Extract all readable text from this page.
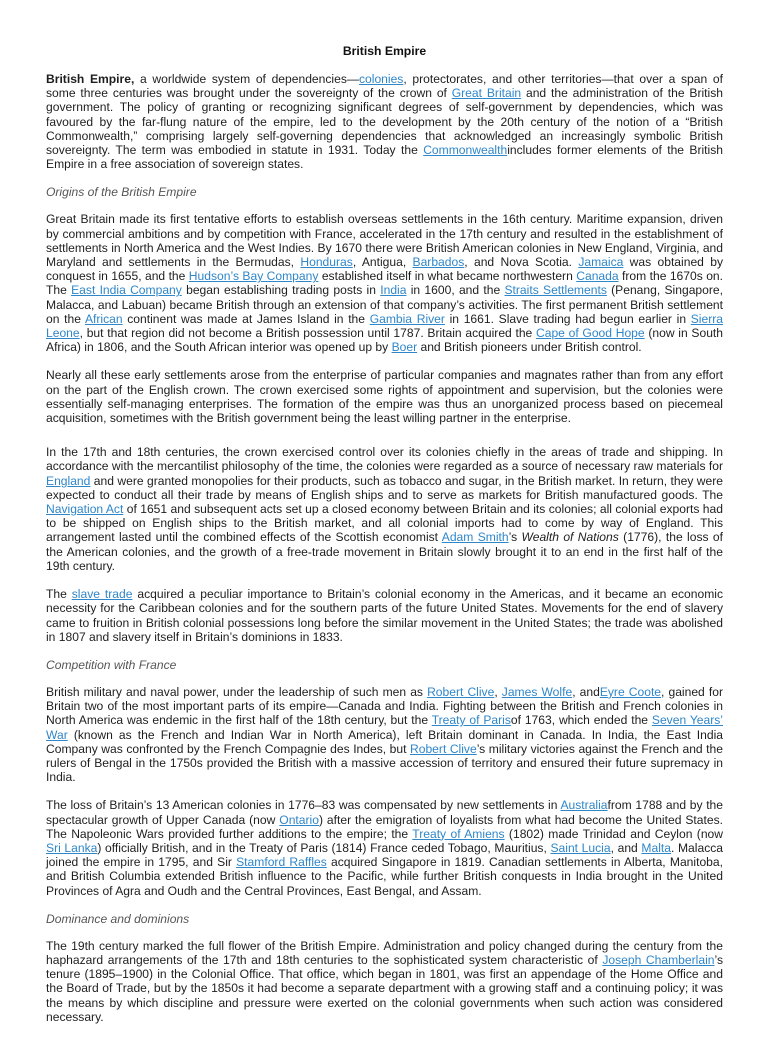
British Empire

British Empire, a worldwide system of dependencies—colonies, protectorates, and other territories—that over a span of some three centuries was brought under the sovereignty of the crown of Great Britain and the administration of the British government. The policy of granting or recognizing significant degrees of self-government by dependencies, which was favoured by the far-flung nature of the empire, led to the development by the 20th century of the notion of a “British Commonwealth,” comprising largely self-governing dependencies that acknowledged an increasingly symbolic British sovereignty. The term was embodied in statute in 1931. Today the Commonwealthincludes former elements of the British Empire in a free association of sovereign states.

Origins of the British Empire

Great Britain made its first tentative efforts to establish overseas settlements in the 16th century. Maritime expansion, driven by commercial ambitions and by competition with France, accelerated in the 17th century and resulted in the establishment of settlements in North America and the West Indies. By 1670 there were British American colonies in New England, Virginia, and Maryland and settlements in the Bermudas, Honduras, Antigua, Barbados, and Nova Scotia. Jamaica was obtained by conquest in 1655, and the Hudson’s Bay Company established itself in what became northwestern Canada from the 1670s on. The East India Company began establishing trading posts in India in 1600, and the Straits Settlements (Penang, Singapore, Malacca, and Labuan) became British through an extension of that company’s activities. The first permanent British settlement on the African continent was made at James Island in the Gambia River in 1661. Slave trading had begun earlier in Sierra Leone, but that region did not become a British possession until 1787. Britain acquired the Cape of Good Hope (now in South Africa) in 1806, and the South African interior was opened up by Boer and British pioneers under British control.

Nearly all these early settlements arose from the enterprise of particular companies and magnates rather than from any effort on the part of the English crown. The crown exercised some rights of appointment and supervision, but the colonies were essentially self-managing enterprises. The formation of the empire was thus an unorganized process based on piecemeal acquisition, sometimes with the British government being the least willing partner in the enterprise.

In the 17th and 18th centuries, the crown exercised control over its colonies chiefly in the areas of trade and shipping. In accordance with the mercantilist philosophy of the time, the colonies were regarded as a source of necessary raw materials for England and were granted monopolies for their products, such as tobacco and sugar, in the British market. In return, they were expected to conduct all their trade by means of English ships and to serve as markets for British manufactured goods. The Navigation Act of 1651 and subsequent acts set up a closed economy between Britain and its colonies; all colonial exports had to be shipped on English ships to the British market, and all colonial imports had to come by way of England. This arrangement lasted until the combined effects of the Scottish economist Adam Smith’s Wealth of Nations (1776), the loss of the American colonies, and the growth of a free-trade movement in Britain slowly brought it to an end in the first half of the 19th century.

The slave trade acquired a peculiar importance to Britain’s colonial economy in the Americas, and it became an economic necessity for the Caribbean colonies and for the southern parts of the future United States. Movements for the end of slavery came to fruition in British colonial possessions long before the similar movement in the United States; the trade was abolished in 1807 and slavery itself in Britain’s dominions in 1833.

Competition with France

British military and naval power, under the leadership of such men as Robert Clive, James Wolfe, andEyre Coote, gained for Britain two of the most important parts of its empire—Canada and India. Fighting between the British and French colonies in North America was endemic in the first half of the 18th century, but the Treaty of Parisof 1763, which ended the Seven Years’ War (known as the French and Indian War in North America), left Britain dominant in Canada. In India, the East India Company was confronted by the French Compagnie des Indes, but Robert Clive’s military victories against the French and the rulers of Bengal in the 1750s provided the British with a massive accession of territory and ensured their future supremacy in India.

The loss of Britain’s 13 American colonies in 1776–83 was compensated by new settlements in Australiafrom 1788 and by the spectacular growth of Upper Canada (now Ontario) after the emigration of loyalists from what had become the United States. The Napoleonic Wars provided further additions to the empire; the Treaty of Amiens (1802) made Trinidad and Ceylon (now Sri Lanka) officially British, and in the Treaty of Paris (1814) France ceded Tobago, Mauritius, Saint Lucia, and Malta. Malacca joined the empire in 1795, and Sir Stamford Raffles acquired Singapore in 1819. Canadian settlements in Alberta, Manitoba, and British Columbia extended British influence to the Pacific, while further British conquests in India brought in the United Provinces of Agra and Oudh and the Central Provinces, East Bengal, and Assam.

Dominance and dominions

The 19th century marked the full flower of the British Empire. Administration and policy changed during the century from the haphazard arrangements of the 17th and 18th centuries to the sophisticated system characteristic of Joseph Chamberlain’s tenure (1895–1900) in the Colonial Office. That office, which began in 1801, was first an appendage of the Home Office and the Board of Trade, but by the 1850s it had become a separate department with a growing staff and a continuing policy; it was the means by which discipline and pressure were exerted on the colonial governments when such action was considered necessary.
